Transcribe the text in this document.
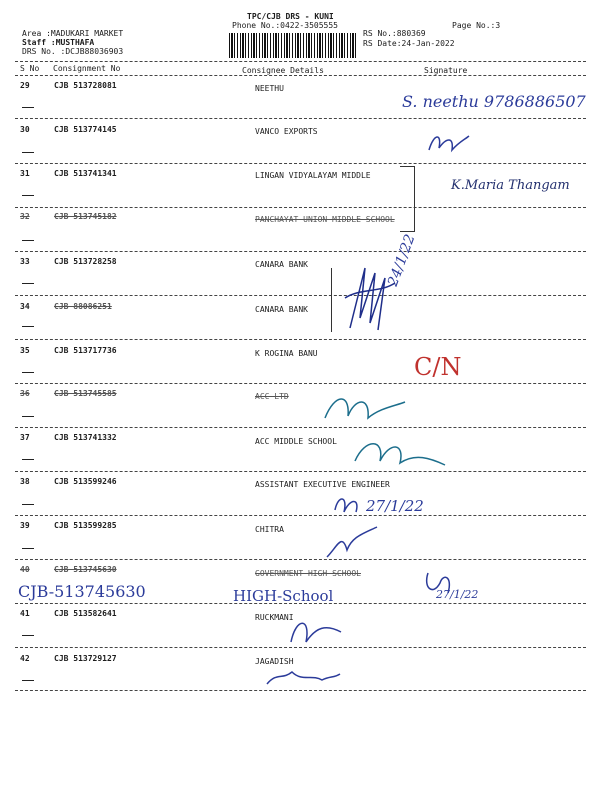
TPC/CJB DRS - KUNI
Phone No.:0422-3505555	Page No.:3
Area :MADUKARI MARKET
Staff :MUSTHAFA
DRS No. :DCJB88036903
RS No.:880369
RS Date:24-Jan-2022
S No Consignment No	Consignee Details	Signature
29	CJB 513728081	NEETHU
30	CJB 513774145	VANCO EXPORTS
31	CJB 513741341	LINGAN VIDYALAYAM MIDDLE
32	CJB 513745182	PANCHAYAT UNION MIDDLE SCHOOL
33	CJB 513728258	CANARA BANK
34	CJB 88086251	CANARA BANK
35	CJB 513717736	K ROGINA BANU
36	CJB 513745585	ACC LTD
37	CJB 513741332	ACC MIDDLE SCHOOL
38	CJB 513599246	ASSISTANT EXECUTIVE ENGINEER
39	CJB 513599285	CHITRA
40	CJB 513745630	GOVERNMENT HIGH SCHOOL
41	CJB 513582641	RUCKMANI
42	CJB 513729127	JAGADISH
S. neethu 9786886507
K.Maria Thangam
C/N
27/1/22
CJB-513745630	HIGH-School	27/1/22
24/1/22
